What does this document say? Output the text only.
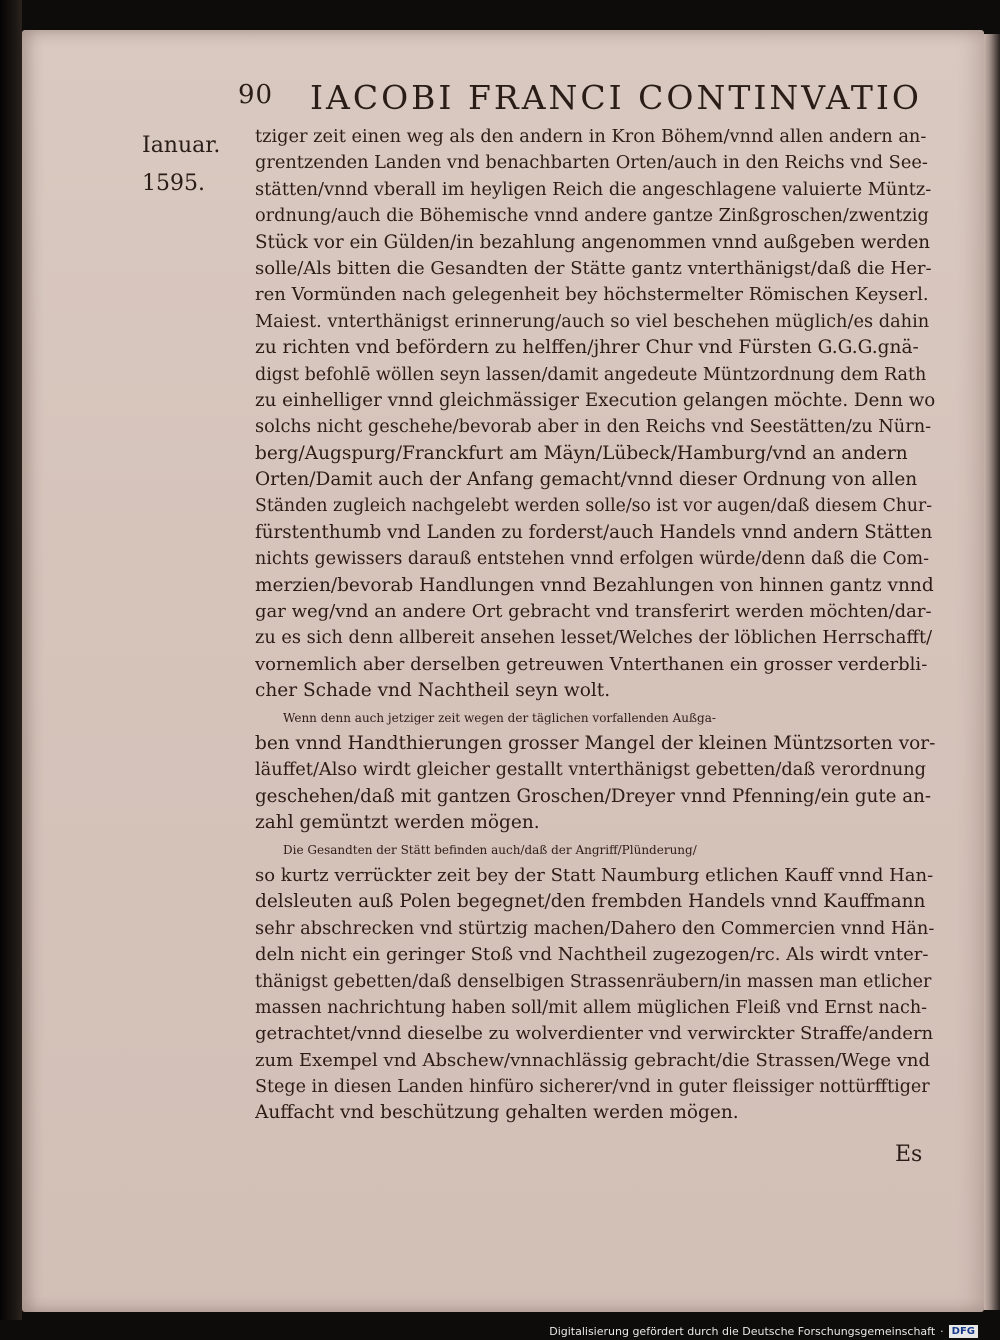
90 IACOBI FRANCI CONTINVATIO
Ianuar.
1595.
tziger zeit einen weg als den andern in Kron Böhem/vnnd allen andern an-
grentzenden Landen vnd benachbarten Orten/auch in den Reichs vnd See-
stätten/vnnd vberall im heyligen Reich die angeschlagene valuierte Müntz-
ordnung/auch die Böhemische vnnd andere gantze Zinßgroschen/zwentzig
Stück vor ein Gülden/in bezahlung angenommen vnnd außgeben werden
solle/Als bitten die Gesandten der Stätte gantz vnterthänigst/daß die Her-
ren Vormünden nach gelegenheit bey höchstermelter Römischen Keyserl.
Maiest. vnterthänigst erinnerung/auch so viel beschehen müglich/es dahin
zu richten vnd befördern zu helffen/jhrer Chur vnd Fürsten G.G.G.gnä-
digst befohlē wöllen seyn lassen/damit angedeute Müntzordnung dem Rath
zu einhelliger vnnd gleichmässiger Execution gelangen möchte. Denn wo
solchs nicht geschehe/bevorab aber in den Reichs vnd Seestätten/zu Nürn-
berg/Augspurg/Franckfurt am Mäyn/Lübeck/Hamburg/vnd an andern
Orten/Damit auch der Anfang gemacht/vnnd dieser Ordnung von allen
Ständen zugleich nachgelebt werden solle/so ist vor augen/daß diesem Chur-
fürstenthumb vnd Landen zu forderst/auch Handels vnnd andern Stätten
nichts gewissers darauß entstehen vnnd erfolgen würde/denn daß die Com-
merzien/bevorab Handlungen vnnd Bezahlungen von hinnen gantz vnnd
gar weg/vnd an andere Ort gebracht vnd transferirt werden möchten/dar-
zu es sich denn allbereit ansehen lesset/Welches der löblichen Herrschafft/
vornemlich aber derselben getreuwen Vnterthanen ein grosser verderbli-
cher Schade vnd Nachtheil seyn wolt.
Wenn denn auch jetziger zeit wegen der täglichen vorfallenden Außga-
ben vnnd Handthierungen grosser Mangel der kleinen Müntzsorten vor-
läuffet/Also wirdt gleicher gestallt vnterthänigst gebetten/daß verordnung
geschehen/daß mit gantzen Groschen/Dreyer vnnd Pfenning/ein gute an-
zahl gemüntzt werden mögen.
Die Gesandten der Stätt befinden auch/daß der Angriff/Plünderung/
so kurtz verrückter zeit bey der Statt Naumburg etlichen Kauff vnnd Han-
delsleuten auß Polen begegnet/den frembden Handels vnnd Kauffmann
sehr abschrecken vnd stürtzig machen/Dahero den Commercien vnnd Hän-
deln nicht ein geringer Stoß vnd Nachtheil zugezogen/rc. Als wirdt vnter-
thänigst gebetten/daß denselbigen Strassenräubern/in massen man etlicher
massen nachrichtung haben soll/mit allem müglichen Fleiß vnd Ernst nach-
getrachtet/vnnd dieselbe zu wolverdienter vnd verwirckter Straffe/andern
zum Exempel vnd Abschew/vnnachlässig gebracht/die Strassen/Wege vnd
Stege in diesen Landen hinfüro sicherer/vnd in guter fleissiger nottürfftiger
Auffacht vnd beschützung gehalten werden mögen.
Es
Digitalisierung gefördert durch die Deutsche Forschungsgemeinschaft · DFG
